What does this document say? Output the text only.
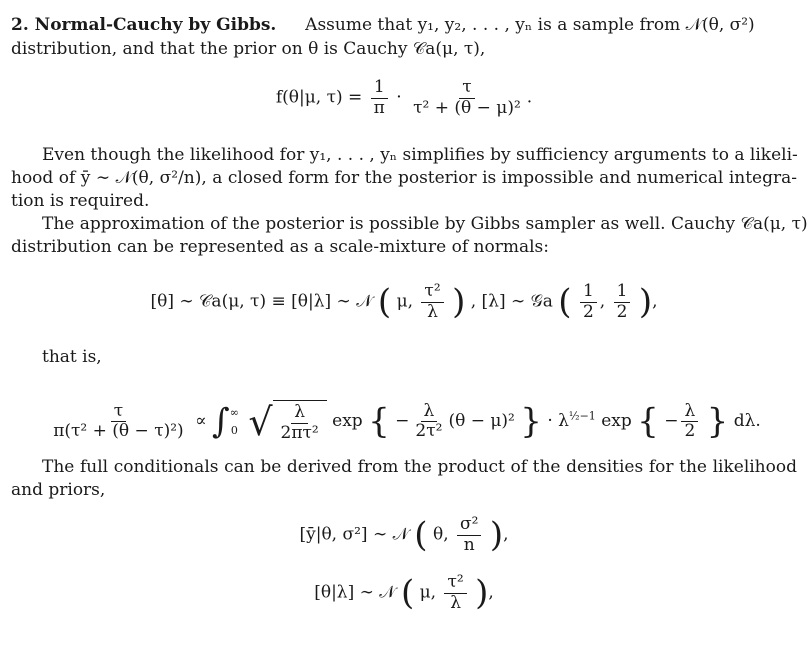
2. Normal-Cauchy by Gibbs. Assume that y₁, y₂, . . . , yₙ is a sample from 𝒩(θ, σ²)
distribution, and that the prior on θ is Cauchy 𝒞a(μ, τ),
f(θ|μ, $\tau) = \frac{1}{\pi} \cdot \frac{\tau}{\text{τ² + (θ − μ)²}}$ .
Even though the likelihood for y₁, . . . , yₙ simplifies by sufficiency arguments to a likeli-
hood of ȳ ∼ 𝒩(θ, σ²/n), a closed form for the posterior is impossible and numerical integra-
tion is required.
The approximation of the posterior is possible by Gibbs sampler as well. Cauchy 𝒞a(μ, τ)
distribution can be represented as a scale-mixture of normals:
[θ] ∼ 𝒞a(μ, τ) ≡ [θ|λ] ∼ 𝒩 ( μ, $\frac{\text{τ²}}{\lambda}$ ) , [λ] ∼ 𝒢a ( $\frac{1}{2}$ , $\frac{1}{2}$ ),
that is,
$\frac{\tau}{\text{π(τ² + (θ − τ)²)}}$ ∝ ∫ ∞
0
√ $\frac{\lambda}{\text{2πτ²}}$ exp { − $\frac{\lambda}{\text{2τ²}} (\theta - \mu)^2$ } · $\lambda^{\frac{1}{2}-1}$ exp { − $\frac{\lambda}{2}$ } dλ.
The full conditionals can be derived from the product of the densities for the likelihood
and priors,
[ȳ|θ, σ²] ∼ 𝒩 ( θ, $\frac{\text{σ²}}{n}$ ),
[θ|λ] ∼ 𝒩 ( μ, $\frac{\text{τ²}}{\lambda}$ ),
